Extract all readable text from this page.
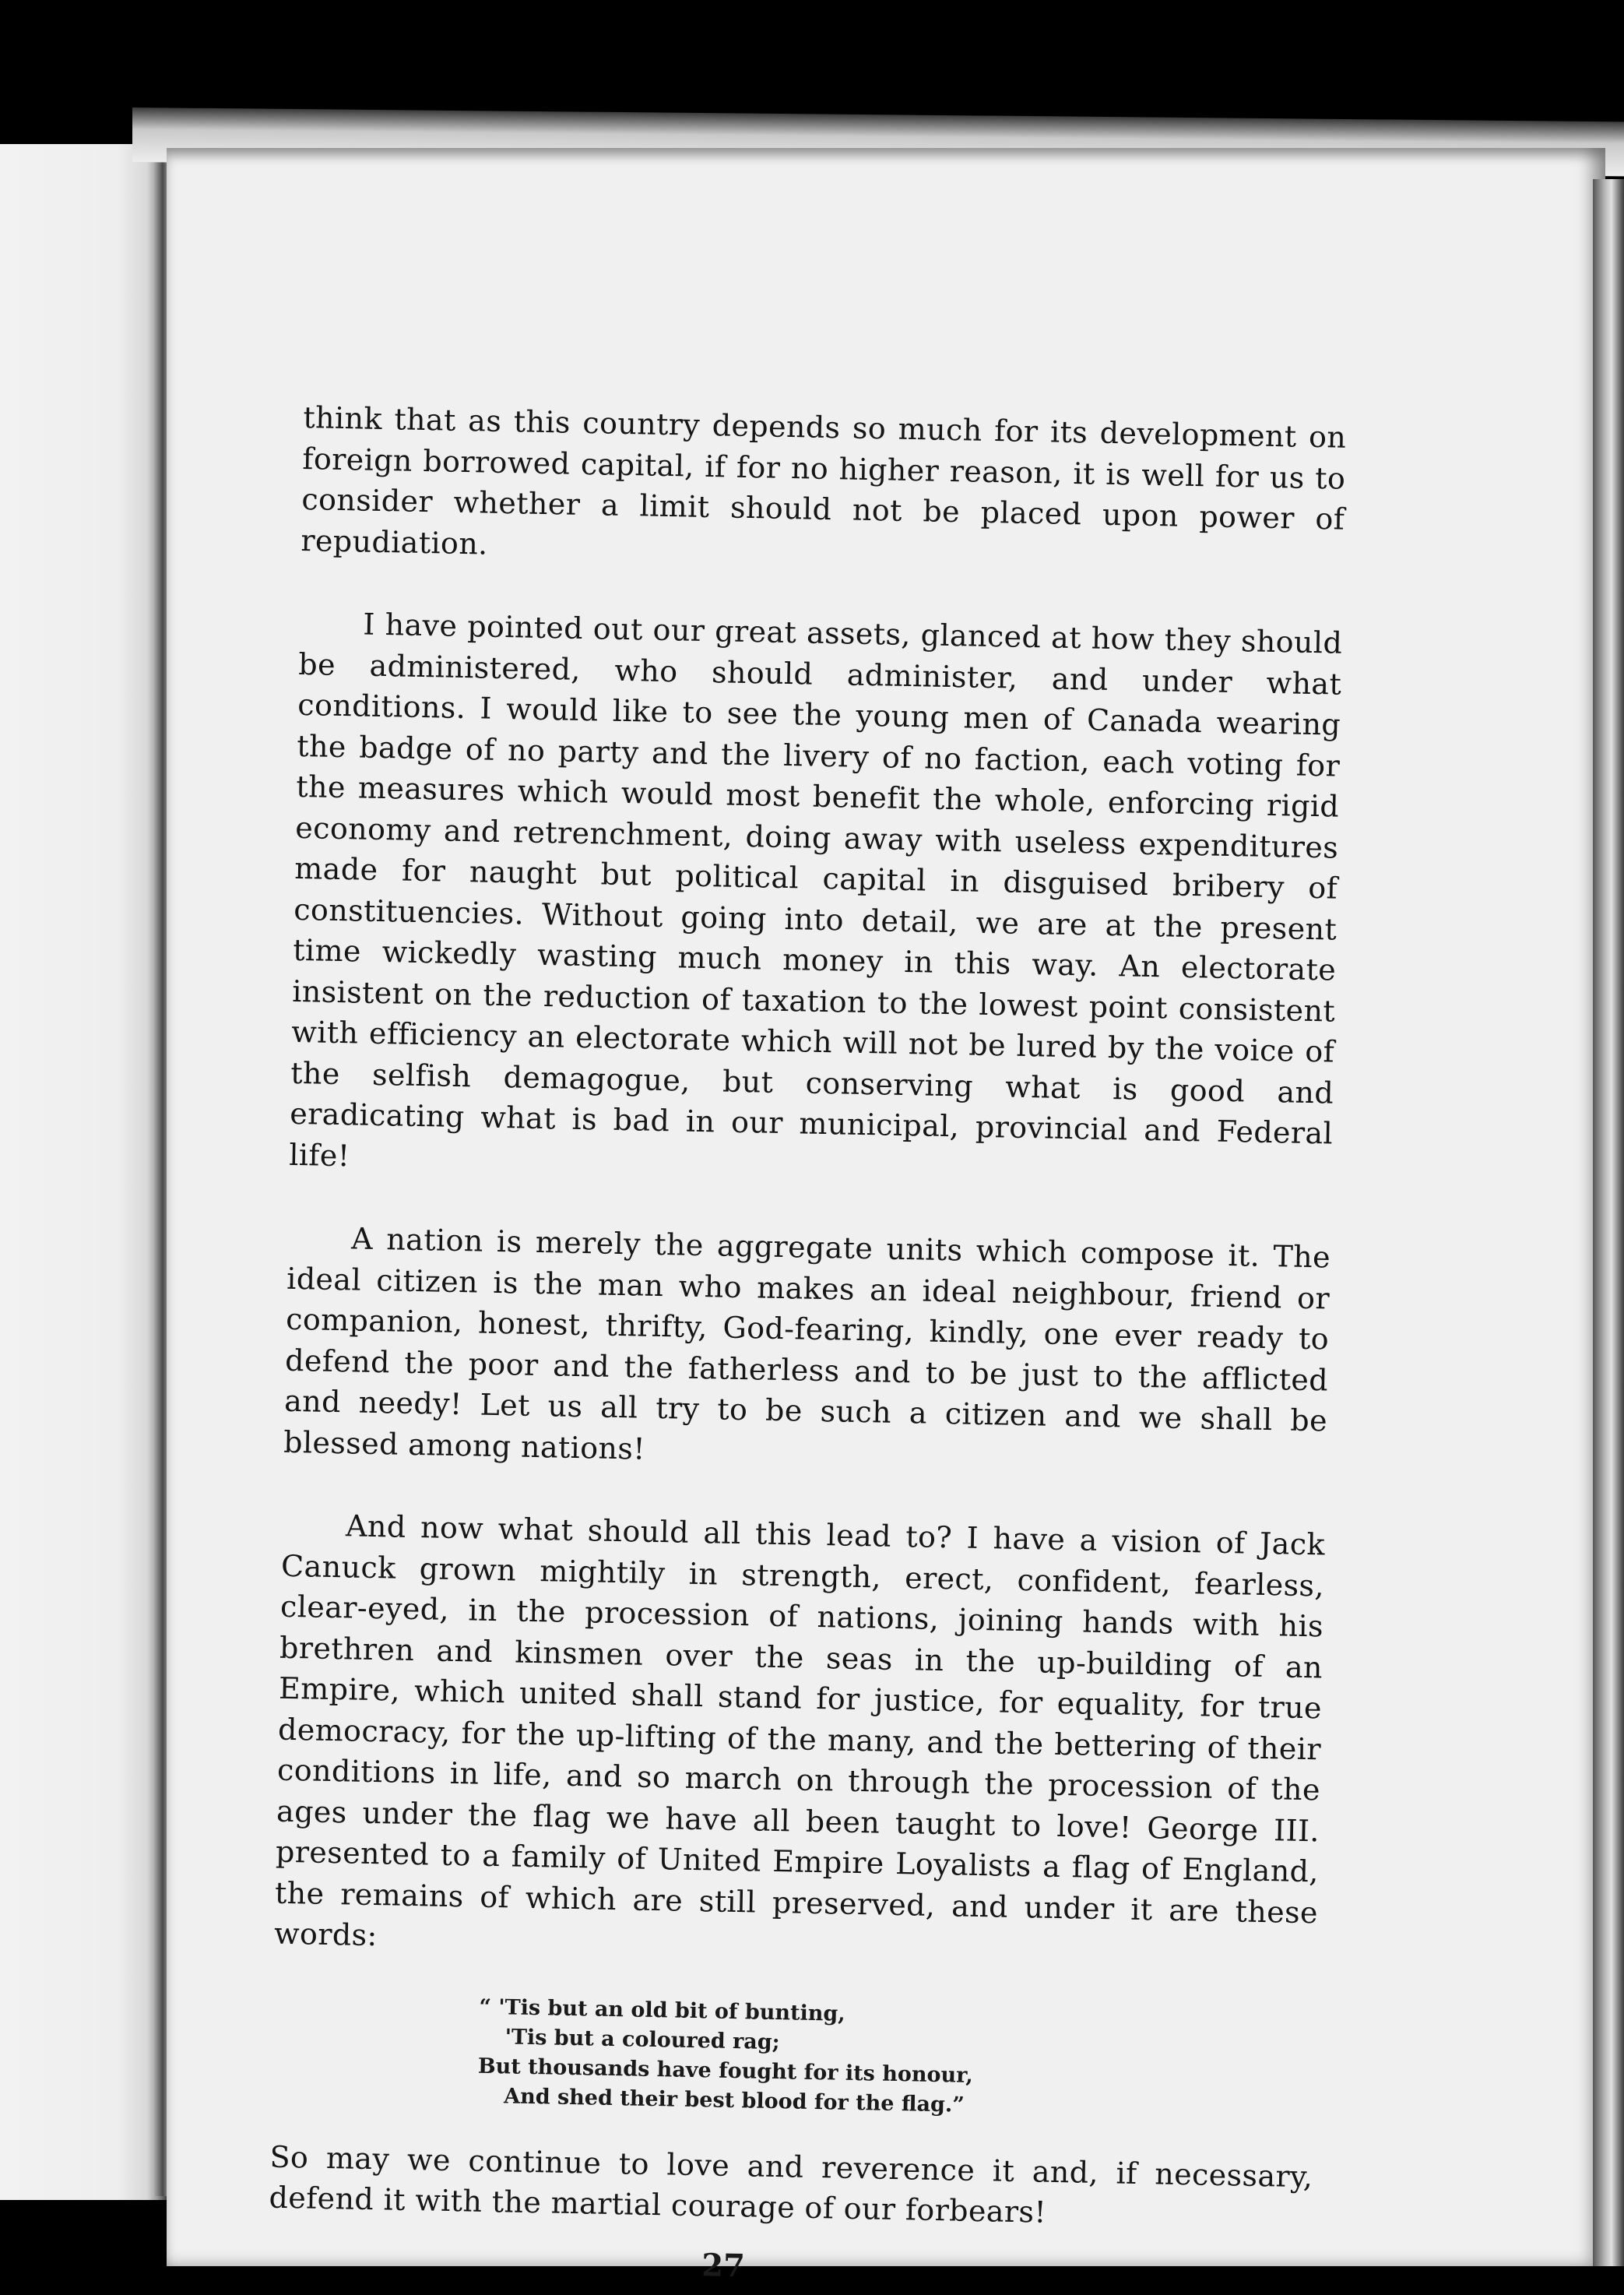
think that as this country depends so much for its development on foreign borrowed capital, if for no higher reason, it is well for us to consider whether a limit should not be placed upon power of repudiation.

I have pointed out our great assets, glanced at how they should be administered, who should administer, and under what conditions. I would like to see the young men of Canada wearing the badge of no party and the livery of no faction, each voting for the measures which would most benefit the whole, enforcing rigid economy and retrenchment, doing away with useless expenditures made for naught but political capital in disguised bribery of constituencies. Without going into detail, we are at the present time wickedly wasting much money in this way. An electorate insistent on the reduction of taxation to the lowest point consistent with efficiency an electorate which will not be lured by the voice of the selfish demagogue, but conserving what is good and eradicating what is bad in our municipal, provincial and Federal life!

A nation is merely the aggregate units which compose it. The ideal citizen is the man who makes an ideal neighbour, friend or companion, honest, thrifty, God-fearing, kindly, one ever ready to defend the poor and the fatherless and to be just to the afflicted and needy! Let us all try to be such a citizen and we shall be blessed among nations!

And now what should all this lead to? I have a vision of Jack Canuck grown mightily in strength, erect, confident, fearless, clear-eyed, in the procession of nations, joining hands with his brethren and kinsmen over the seas in the up-building of an Empire, which united shall stand for justice, for equality, for true democracy, for the up-lifting of the many, and the bettering of their conditions in life, and so march on through the procession of the ages under the flag we have all been taught to love! George III. presented to a family of United Empire Loyalists a flag of England, the remains of which are still preserved, and under it are these words:

“ 'Tis but an old bit of bunting,
'Tis but a coloured rag;
But thousands have fought for its honour,
And shed their best blood for the flag.”

So may we continue to love and reverence it and, if necessary, defend it with the martial courage of our forbears!

27
